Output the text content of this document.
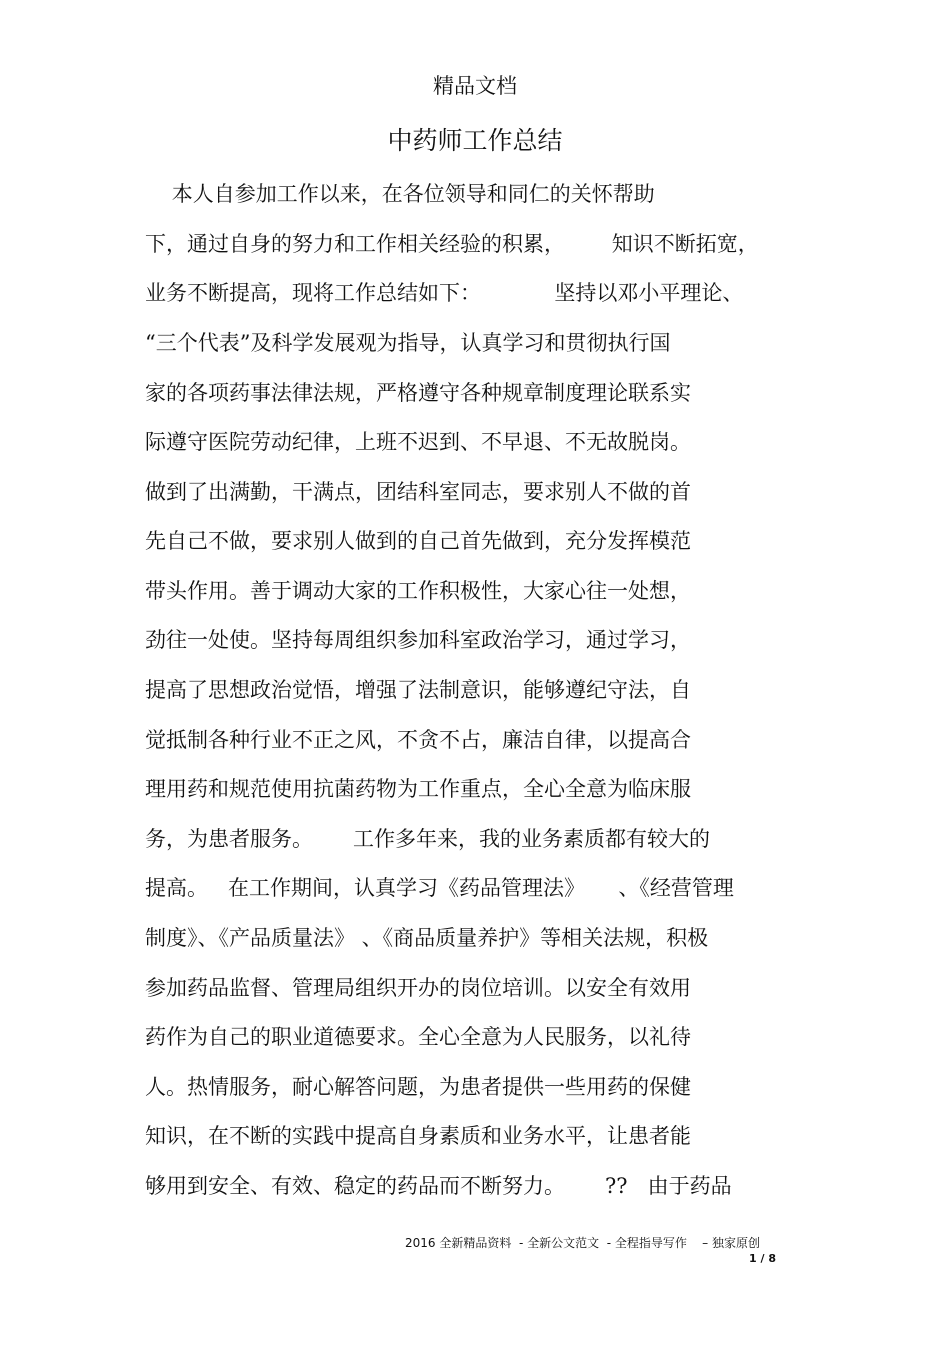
精品文档
中药师工作总结
本人自参加工作以来，在各位领导和同仁的关怀帮助
下，通过自身的努力和工作相关经验的积累，       知识不断拓宽，
业务不断提高，现将工作总结如下：           坚持以邓小平理论、
“三个代表”及科学发展观为指导，认真学习和贯彻执行国
家的各项药事法律法规，严格遵守各种规章制度理论联系实
际遵守医院劳动纪律，上班不迟到、不早退、不无故脱岗。
做到了出满勤，干满点，团结科室同志，要求别人不做的首
先自己不做，要求别人做到的自己首先做到，充分发挥模范
带头作用。善于调动大家的工作积极性，大家心往一处想，
劲往一处使。坚持每周组织参加科室政治学习，通过学习，
提高了思想政治觉悟，增强了法制意识，能够遵纪守法，自
觉抵制各种行业不正之风，不贪不占，廉洁自律，以提高合
理用药和规范使用抗菌药物为工作重点，全心全意为临床服
务，为患者服务。      工作多年来，我的业务素质都有较大的
提高。   在工作期间，认真学习《药品管理法》     、《经营管理
制度》、《产品质量法》 、《商品质量养护》等相关法规，积极
参加药品监督、管理局组织开办的岗位培训。以安全有效用
药作为自己的职业道德要求。全心全意为人民服务，以礼待
人。热情服务，耐心解答问题，为患者提供一些用药的保健
知识，在不断的实践中提高自身素质和业务水平，让患者能
够用到安全、有效、稳定的药品而不断努力。      ??   由于药品
2016 全新精品资料  - 全新公文范文  - 全程指导写作    – 独家原创
1 / 8
